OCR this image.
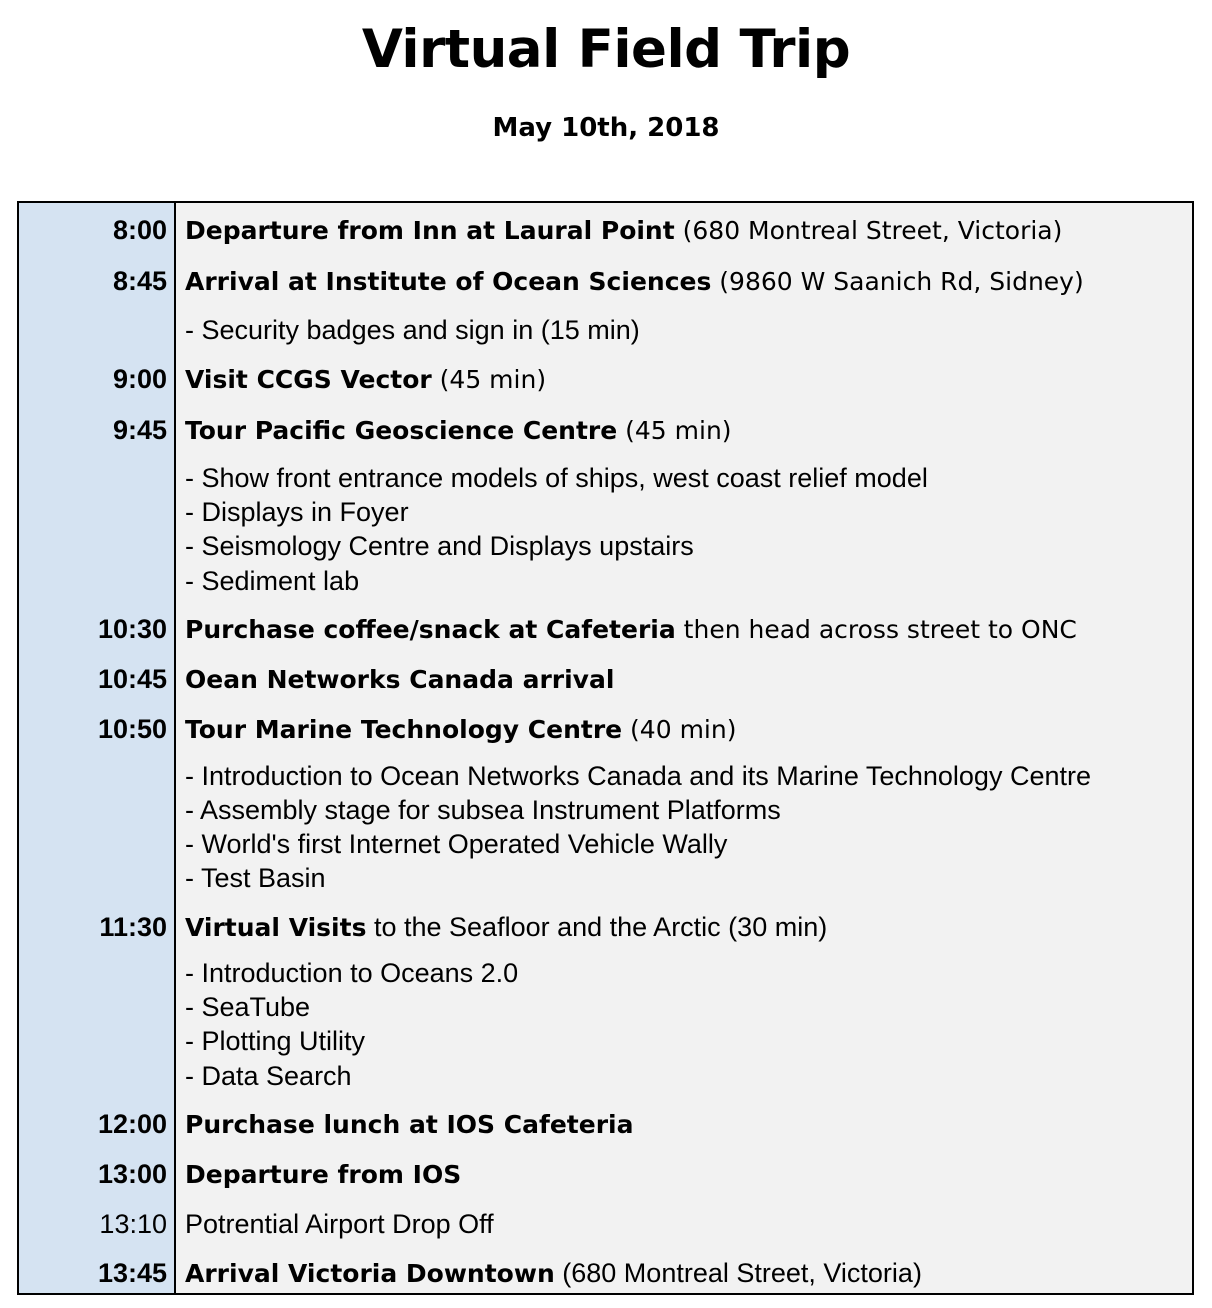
Virtual Field Trip
May 10th, 2018
8:00 Departure from Inn at Laural Point (680 Montreal Street, Victoria)
8:45 Arrival at Institute of Ocean Sciences (9860 W Saanich Rd, Sidney)
- Security badges and sign in (15 min)
9:00 Visit CCGS Vector (45 min)
9:45 Tour Pacific Geoscience Centre (45 min)
- Show front entrance models of ships, west coast relief model
- Displays in Foyer
- Seismology Centre and Displays upstairs
- Sediment lab
10:30 Purchase coffee/snack at Cafeteria then head across street to ONC
10:45 Oean Networks Canada arrival
10:50 Tour Marine Technology Centre (40 min)
- Introduction to Ocean Networks Canada and its Marine Technology Centre
- Assembly stage for subsea Instrument Platforms
- World's first Internet Operated Vehicle Wally
- Test Basin
11:30 Virtual Visits to the Seafloor and the Arctic (30 min)
- Introduction to Oceans 2.0
- SeaTube
- Plotting Utility
- Data Search
12:00 Purchase lunch at IOS Cafeteria
13:00 Departure from IOS
13:10 Potrential Airport Drop Off
13:45 Arrival Victoria Downtown (680 Montreal Street, Victoria)
